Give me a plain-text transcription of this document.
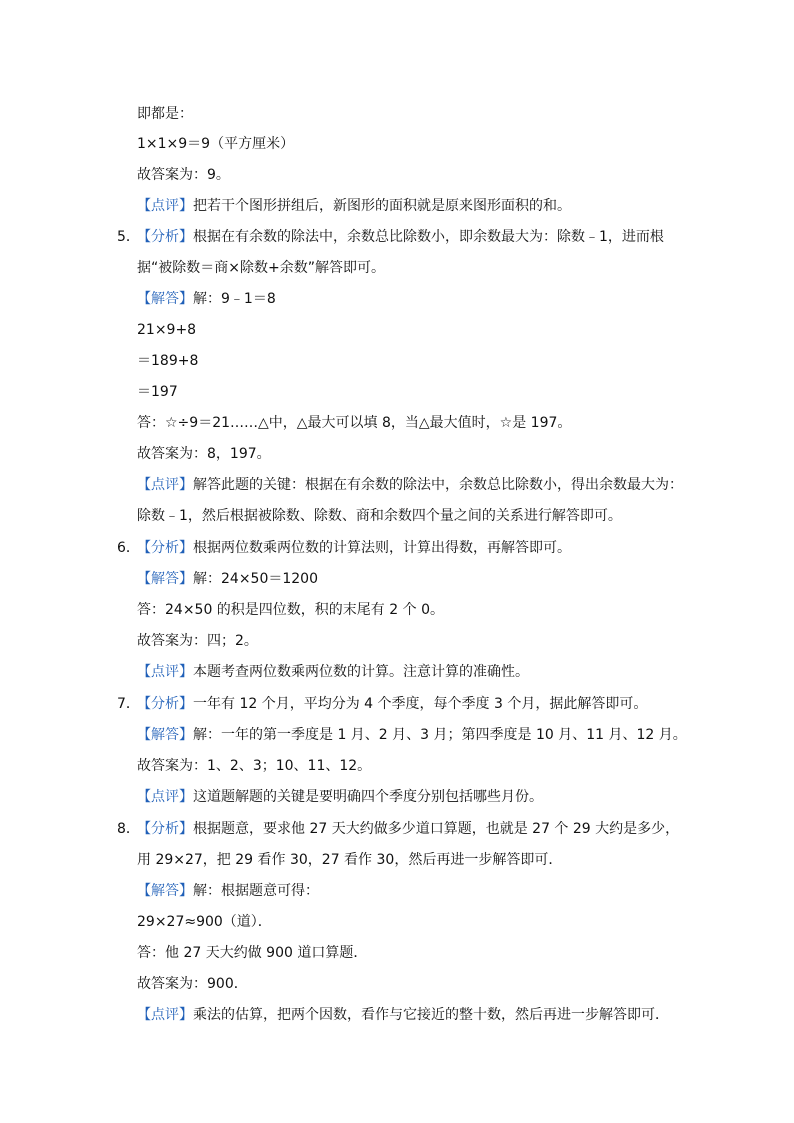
即都是：
1×1×9＝9（平方厘米）
故答案为：9。
【点评】把若干个图形拼组后，新图形的面积就是原来图形面积的和。
5．
【分析】根据在有余数的除法中，余数总比除数小，即余数最大为：除数﹣1，进而根
据“被除数＝商×除数+余数”解答即可。
【解答】解：9﹣1＝8
21×9+8
＝189+8
＝197
答：☆÷9＝21……△中，△最大可以填 8，当△最大值时，☆是 197。
故答案为：8，197。
【点评】解答此题的关键：根据在有余数的除法中，余数总比除数小，得出余数最大为：
除数﹣1，然后根据被除数、除数、商和余数四个量之间的关系进行解答即可。
6．
【分析】根据两位数乘两位数的计算法则，计算出得数，再解答即可。
【解答】解：24×50＝1200
答：24×50 的积是四位数，积的末尾有 2 个 0。
故答案为：四；2。
【点评】本题考查两位数乘两位数的计算。注意计算的准确性。
7．
【分析】一年有 12 个月，平均分为 4 个季度，每个季度 3 个月，据此解答即可。
【解答】解：一年的第一季度是 1 月、2 月、3 月；第四季度是 10 月、11 月、12 月。
故答案为：1、2、3；10、11、12。
【点评】这道题解题的关键是要明确四个季度分别包括哪些月份。
8．
【分析】根据题意，要求他 27 天大约做多少道口算题，也就是 27 个 29 大约是多少，
用 29×27，把 29 看作 30，27 看作 30，然后再进一步解答即可．
【解答】解：根据题意可得：
29×27≈900（道）．
答：他 27 天大约做 900 道口算题．
故答案为：900．
【点评】乘法的估算，把两个因数，看作与它接近的整十数，然后再进一步解答即可．
